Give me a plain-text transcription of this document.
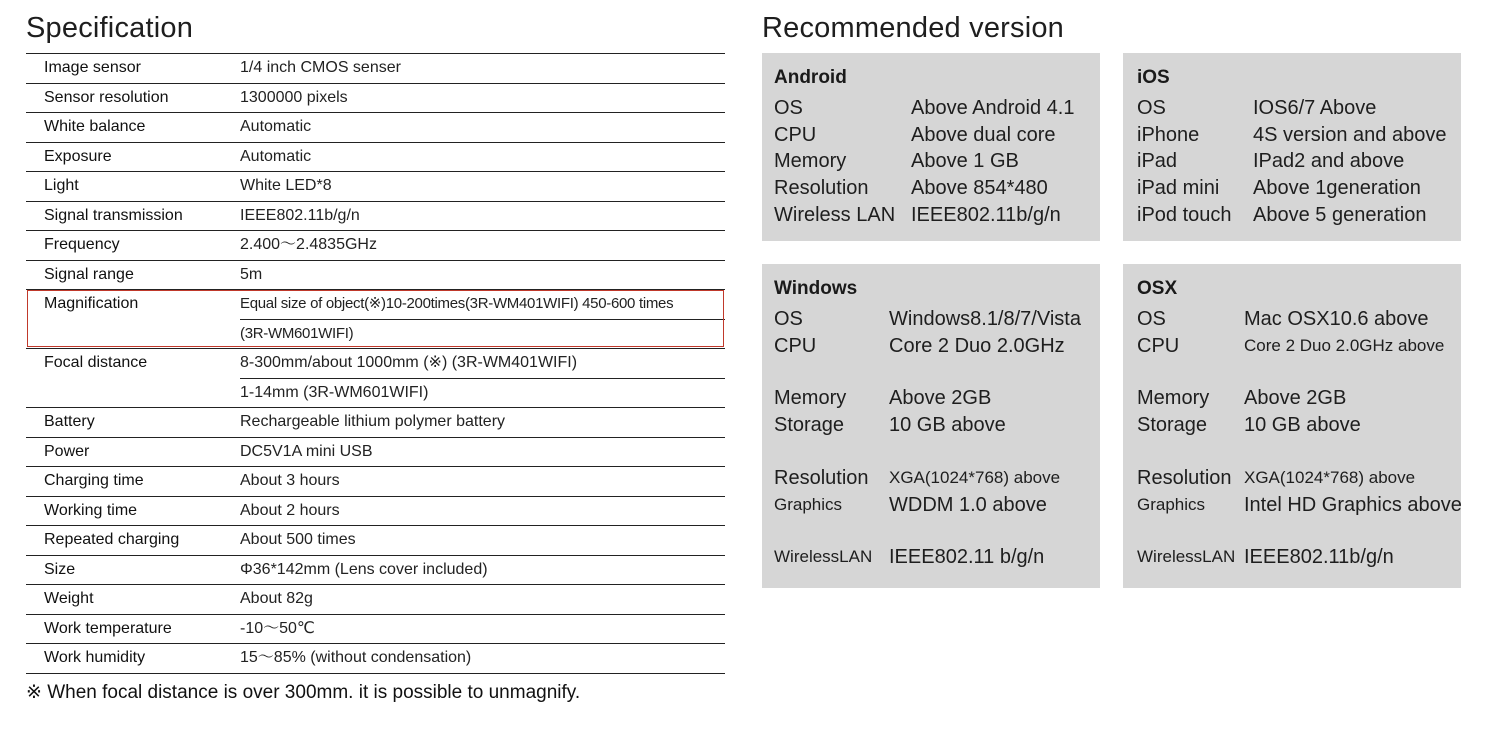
Specification
Image sensor	1/4 inch CMOS senser

Sensor resolution	1300000 pixels

White balance	Automatic

Exposure	Automatic

Light	White LED*8

Signal transmission	IEEE802.11b/g/n

Frequency	2.400～2.4835GHz

Signal range	5m

Magnification	Equal size of object(※)10-200times(3R-WM401WIFI) 450-600 times
(3R-WM601WIFI)

Focal distance	8-300mm/about 1000mm (※) (3R-WM401WIFI)
1-14mm (3R-WM601WIFI)

Battery	Rechargeable lithium polymer battery

Power	DC5V1A mini USB

Charging time	About 3 hours

Working time	About 2 hours

Repeated charging	About 500 times

Size	Φ36*142mm (Lens cover included)

Weight	About 82g

Work temperature	-10～50℃

Work humidity	15～85% (without condensation)
※ When focal distance is over 300mm. it is possible to unmagnify.
Recommended version
Android
OS	Above Android 4.1
CPU	Above dual core
Memory	Above 1 GB
Resolution	Above 854*480
Wireless LAN IEEE802.11b/g/n
iOS
OS	IOS6/7 Above
iPhone	4S version and above
iPad	IPad2 and above
iPad mini	Above 1generation
iPod touch	Above 5 generation
Windows
OS	Windows8.1/8/7/Vista
CPU	Core 2 Duo 2.0GHz
Memory	Above 2GB
Storage	10 GB above
Resolution	XGA(1024*768) above
Graphics	WDDM 1.0 above
WirelessLAN IEEE802.11 b/g/n
OSX
OS	Mac OSX10.6 above
CPU	Core 2 Duo 2.0GHz above
Memory	Above 2GB
Storage	10 GB above
Resolution XGA(1024*768) above
Graphics	Intel HD Graphics above
WirelessLAN IEEE802.11b/g/n
